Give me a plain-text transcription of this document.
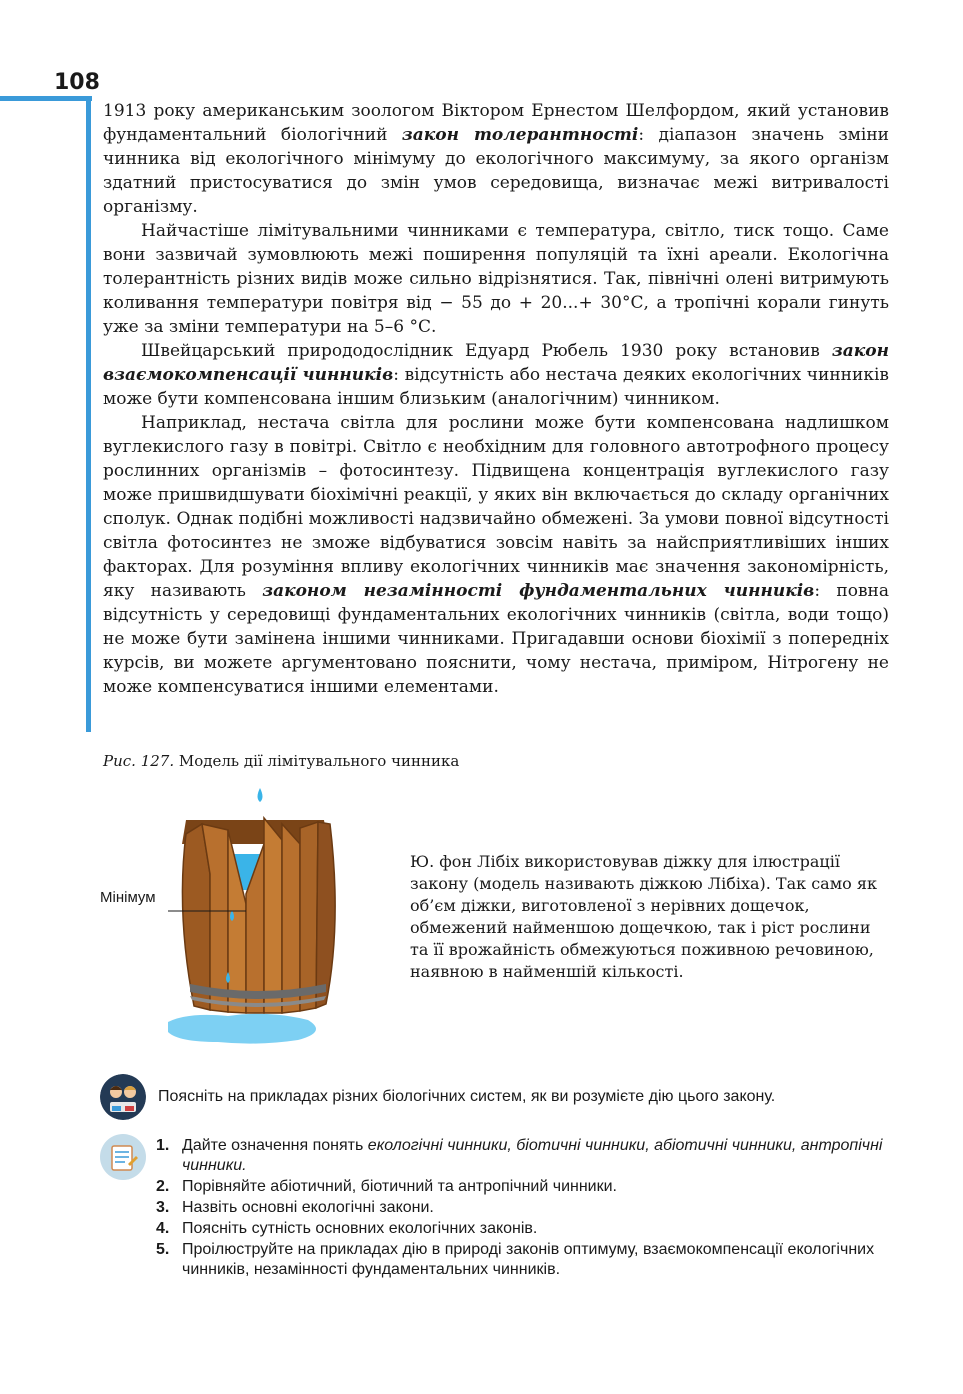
108

1913 року американським зоологом Віктором Ернестом Шелфордом, який установив фундаментальний біологічний закон толерантності: діапазон значень зміни чинника від екологічного мінімуму до екологічного максимуму, за якого організм здатний пристосуватися до змін умов середовища, визначає межі витривалості організму.

Найчастіше лімітувальними чинниками є температура, світло, тиск тощо. Саме вони зазвичай зумовлюють межі поширення популяцій та їхні ареали. Екологічна толерантність різних видів може сильно відрізнятися. Так, північні олені витримують коливання температури повітря від − 55 до + 20...+ 30°С, а тропічні корали гинуть уже за зміни температури на 5–6 °С.

Швейцарський природодослідник Едуард Рюбель 1930 року встановив закон взаємокомпенсації чинників: відсутність або нестача деяких екологічних чинників може бути компенсована іншим близьким (аналогічним) чинником.

Наприклад, нестача світла для рослини може бути компенсована надлишком вуглекислого газу в повітрі. Світло є необхідним для головного автотрофного процесу рослинних організмів – фотосинтезу. Підвищена концентрація вуглекислого газу може пришвидшувати біохімічні реакції, у яких він включається до складу органічних сполук. Однак подібні можливості надзвичайно обмежені. За умови повної відсутності світла фотосинтез не зможе відбуватися зовсім навіть за найсприятливіших інших факторах. Для розуміння впливу екологічних чинників має значення закономірність, яку називають законом незамінності фундаментальних чинників: повна відсутність у середовищі фундаментальних екологічних чинників (світла, води тощо) не може бути замінена іншими чинниками. Пригадавши основи біохімії з попередніх курсів, ви можете аргументовано пояснити, чому нестача, приміром, Нітрогену не може компенсуватися іншими елементами.

Рис. 127. Модель дії лімітувального чинника
Мінімум

Ю. фон Лібіх використовував діжку для ілюстрації закону (модель називають діжкою Лібіха). Так само як об’єм діжки, виготовленої з нерівних дощечок, обмежений найменшою дощечкою, так і ріст рослини та її врожайність обмежуються поживною речовиною, наявною в найменшій кількості.

Поясніть на прикладах різних біологічних систем, як ви розумієте дію цього закону.
1. Дайте означення понять екологічні чинники, біотичні чинники, абіотичні чинники, антропічні чинники.
2. Порівняйте абіотичний, біотичний та антропічний чинники.
3. Назвіть основні екологічні закони.
4. Поясніть сутність основних екологічних законів.
5. Проілюструйте на прикладах дію в природі законів оптимуму, взаємокомпенсації екологічних чинників, незамінності фундаментальних чинників.
